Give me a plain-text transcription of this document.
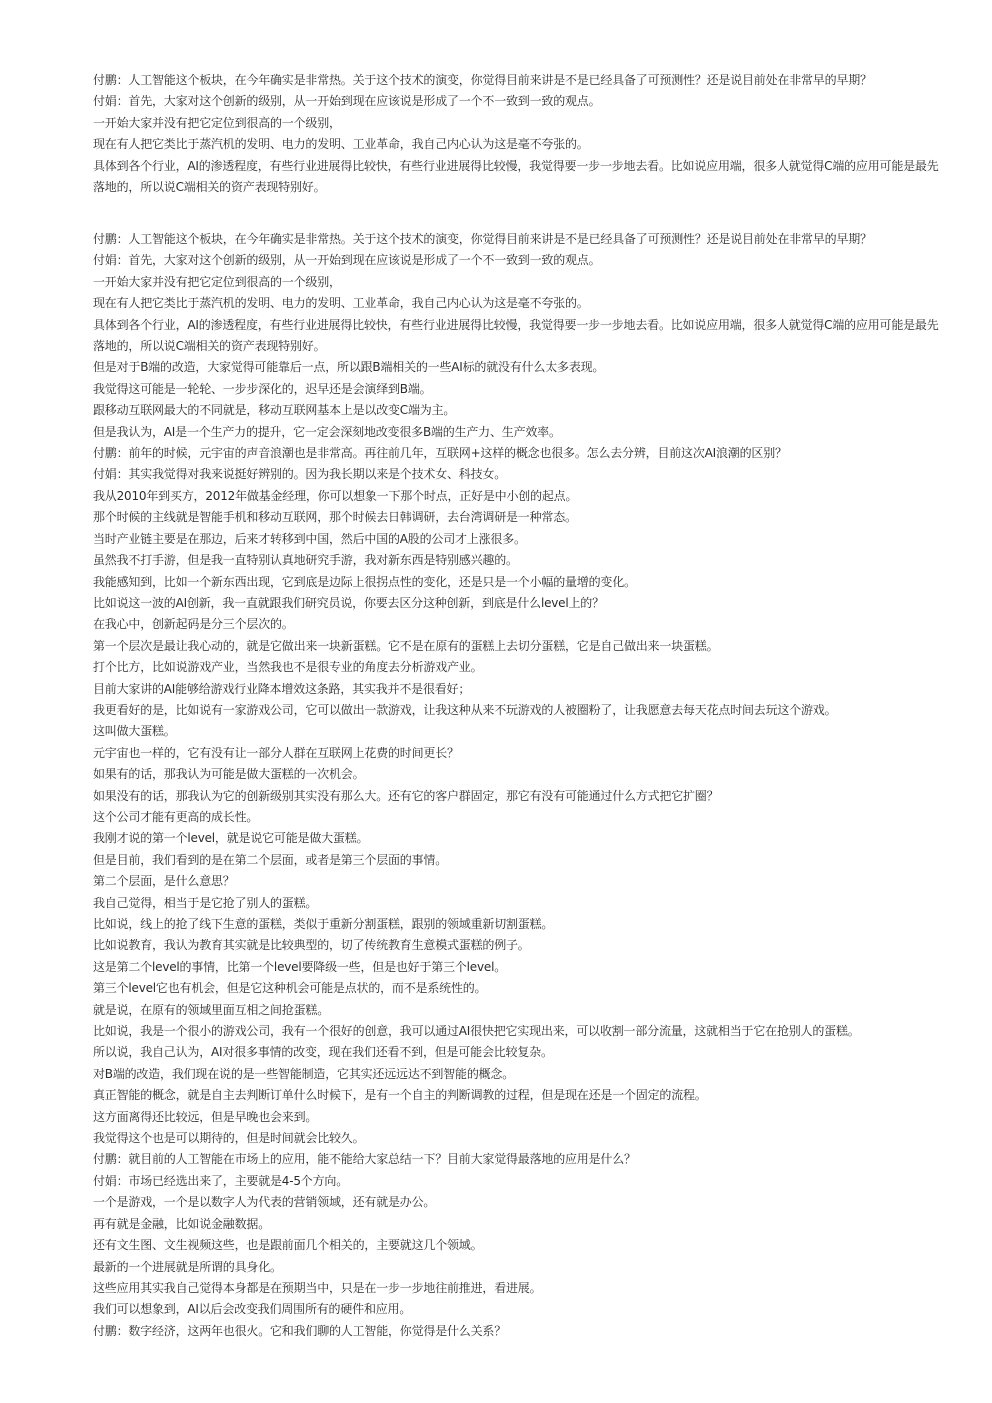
付鹏：人工智能这个板块，在今年确实是非常热。关于这个技术的演变，你觉得目前来讲是不是已经具备了可预测性？还是说目前处在非常早的早期？

付娟：首先，大家对这个创新的级别，从一开始到现在应该说是形成了一个不一致到一致的观点。

一开始大家并没有把它定位到很高的一个级别，

现在有人把它类比于蒸汽机的发明、电力的发明、工业革命，我自己内心认为这是毫不夸张的。

具体到各个行业，AI的渗透程度，有些行业进展得比较快，有些行业进展得比较慢，我觉得要一步一步地去看。比如说应用端，很多人就觉得C端的应用可能是最先落地的，所以说C端相关的资产表现特别好。

付鹏：人工智能这个板块，在今年确实是非常热。关于这个技术的演变，你觉得目前来讲是不是已经具备了可预测性？还是说目前处在非常早的早期？

付娟：首先，大家对这个创新的级别，从一开始到现在应该说是形成了一个不一致到一致的观点。

一开始大家并没有把它定位到很高的一个级别，

现在有人把它类比于蒸汽机的发明、电力的发明、工业革命，我自己内心认为这是毫不夸张的。

具体到各个行业，AI的渗透程度，有些行业进展得比较快，有些行业进展得比较慢，我觉得要一步一步地去看。比如说应用端，很多人就觉得C端的应用可能是最先落地的，所以说C端相关的资产表现特别好。

但是对于B端的改造，大家觉得可能靠后一点，所以跟B端相关的一些AI标的就没有什么太多表现。

我觉得这可能是一轮轮、一步步深化的，迟早还是会演绎到B端。

跟移动互联网最大的不同就是，移动互联网基本上是以改变C端为主。

但是我认为，AI是一个生产力的提升，它一定会深刻地改变很多B端的生产力、生产效率。

付鹏：前年的时候，元宇宙的声音浪潮也是非常高。再往前几年，互联网+这样的概念也很多。怎么去分辨，目前这次AI浪潮的区别？

付娟：其实我觉得对我来说挺好辨别的。因为我长期以来是个技术女、科技女。

我从2010年到买方，2012年做基金经理，你可以想象一下那个时点，正好是中小创的起点。

那个时候的主线就是智能手机和移动互联网，那个时候去日韩调研，去台湾调研是一种常态。

当时产业链主要是在那边，后来才转移到中国，然后中国的A股的公司才上涨很多。

虽然我不打手游，但是我一直特别认真地研究手游，我对新东西是特别感兴趣的。

我能感知到，比如一个新东西出现，它到底是边际上很拐点性的变化，还是只是一个小幅的量增的变化。

比如说这一波的AI创新，我一直就跟我们研究员说，你要去区分这种创新，到底是什么level上的？

在我心中，创新起码是分三个层次的。

第一个层次是最让我心动的，就是它做出来一块新蛋糕。它不是在原有的蛋糕上去切分蛋糕，它是自己做出来一块蛋糕。

打个比方，比如说游戏产业，当然我也不是很专业的角度去分析游戏产业。

目前大家讲的AI能够给游戏行业降本增效这条路，其实我并不是很看好；

我更看好的是，比如说有一家游戏公司，它可以做出一款游戏，让我这种从来不玩游戏的人被圈粉了，让我愿意去每天花点时间去玩这个游戏。

这叫做大蛋糕。

元宇宙也一样的，它有没有让一部分人群在互联网上花费的时间更长？

如果有的话，那我认为可能是做大蛋糕的一次机会。

如果没有的话，那我认为它的创新级别其实没有那么大。还有它的客户群固定，那它有没有可能通过什么方式把它扩圈？

这个公司才能有更高的成长性。

我刚才说的第一个level，就是说它可能是做大蛋糕。

但是目前，我们看到的是在第二个层面，或者是第三个层面的事情。

第二个层面，是什么意思？

我自己觉得，相当于是它抢了别人的蛋糕。

比如说，线上的抢了线下生意的蛋糕，类似于重新分割蛋糕，跟别的领域重新切割蛋糕。

比如说教育，我认为教育其实就是比较典型的，切了传统教育生意模式蛋糕的例子。

这是第二个level的事情，比第一个level要降级一些，但是也好于第三个level。

第三个level它也有机会，但是它这种机会可能是点状的，而不是系统性的。

就是说，在原有的领域里面互相之间抢蛋糕。

比如说，我是一个很小的游戏公司，我有一个很好的创意，我可以通过AI很快把它实现出来，可以收割一部分流量，这就相当于它在抢别人的蛋糕。

所以说，我自己认为，AI对很多事情的改变，现在我们还看不到，但是可能会比较复杂。

对B端的改造，我们现在说的是一些智能制造，它其实还远远达不到智能的概念。

真正智能的概念，就是自主去判断订单什么时候下，是有一个自主的判断调教的过程，但是现在还是一个固定的流程。

这方面离得还比较远，但是早晚也会来到。

我觉得这个也是可以期待的，但是时间就会比较久。

付鹏：就目前的人工智能在市场上的应用，能不能给大家总结一下？目前大家觉得最落地的应用是什么？

付娟：市场已经选出来了，主要就是4-5个方向。

一个是游戏，一个是以数字人为代表的营销领域，还有就是办公。

再有就是金融，比如说金融数据。

还有文生图、文生视频这些，也是跟前面几个相关的，主要就这几个领域。

最新的一个进展就是所谓的具身化。

这些应用其实我自己觉得本身都是在预期当中，只是在一步一步地往前推进，看进展。

我们可以想象到，AI以后会改变我们周围所有的硬件和应用。

付鹏：数字经济，这两年也很火。它和我们聊的人工智能，你觉得是什么关系？
